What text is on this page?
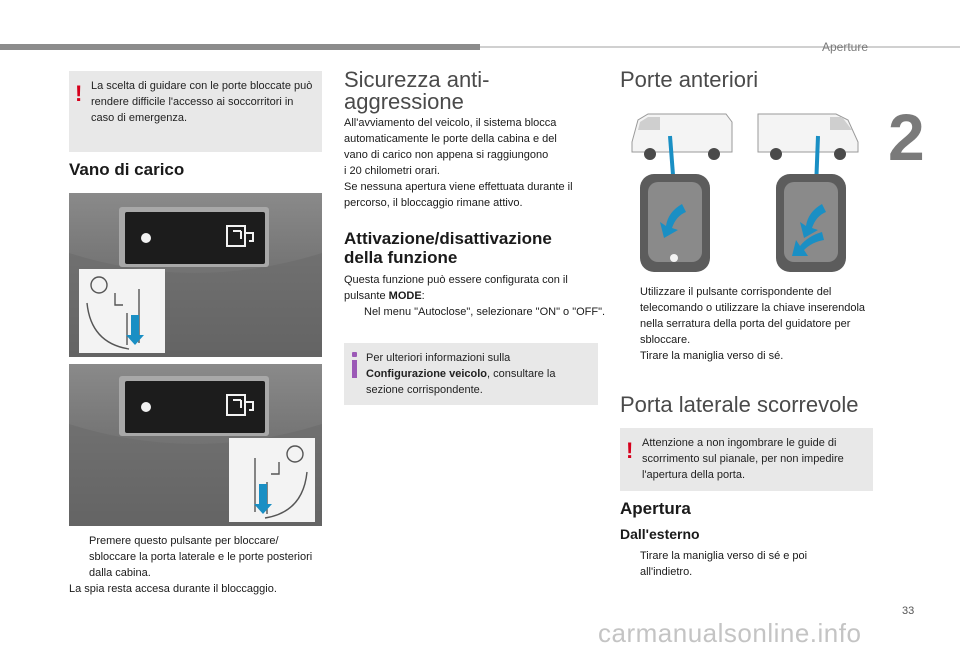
Aperture
2
! La scelta di guidare con le porte bloccate può rendere difficile l'accesso ai soccorritori in caso di emergenza.
Vano di carico
Premere questo pulsante per bloccare/ sbloccare la porta laterale e le porte posteriori dalla cabina.
La spia resta accesa durante il bloccaggio.
Sicurezza anti-
aggressione
All'avviamento del veicolo, il sistema blocca
automaticamente le porte della cabina e del
vano di carico non appena si raggiungono
i 20 chilometri orari.
Se nessuna apertura viene effettuata durante il
percorso, il bloccaggio rimane attivo.
Attivazione/disattivazione
della funzione
Questa funzione può essere configurata con il
pulsante MODE:
Nel menu "Autoclose", selezionare "ON" o "OFF".
Per ulteriori informazioni sulla
Configurazione veicolo, consultare la
sezione corrispondente.
Porte anteriori
Utilizzare il pulsante corrispondente del telecomando o utilizzare la chiave inserendola nella serratura della porta del guidatore per sbloccare.
Tirare la maniglia verso di sé.
Porta laterale scorrevole
! Attenzione a non ingombrare le guide di scorrimento sul pianale, per non impedire l'apertura della porta.
Apertura
Dall'esterno
Tirare la maniglia verso di sé e poi all'indietro.
33
carmanualsonline.info
